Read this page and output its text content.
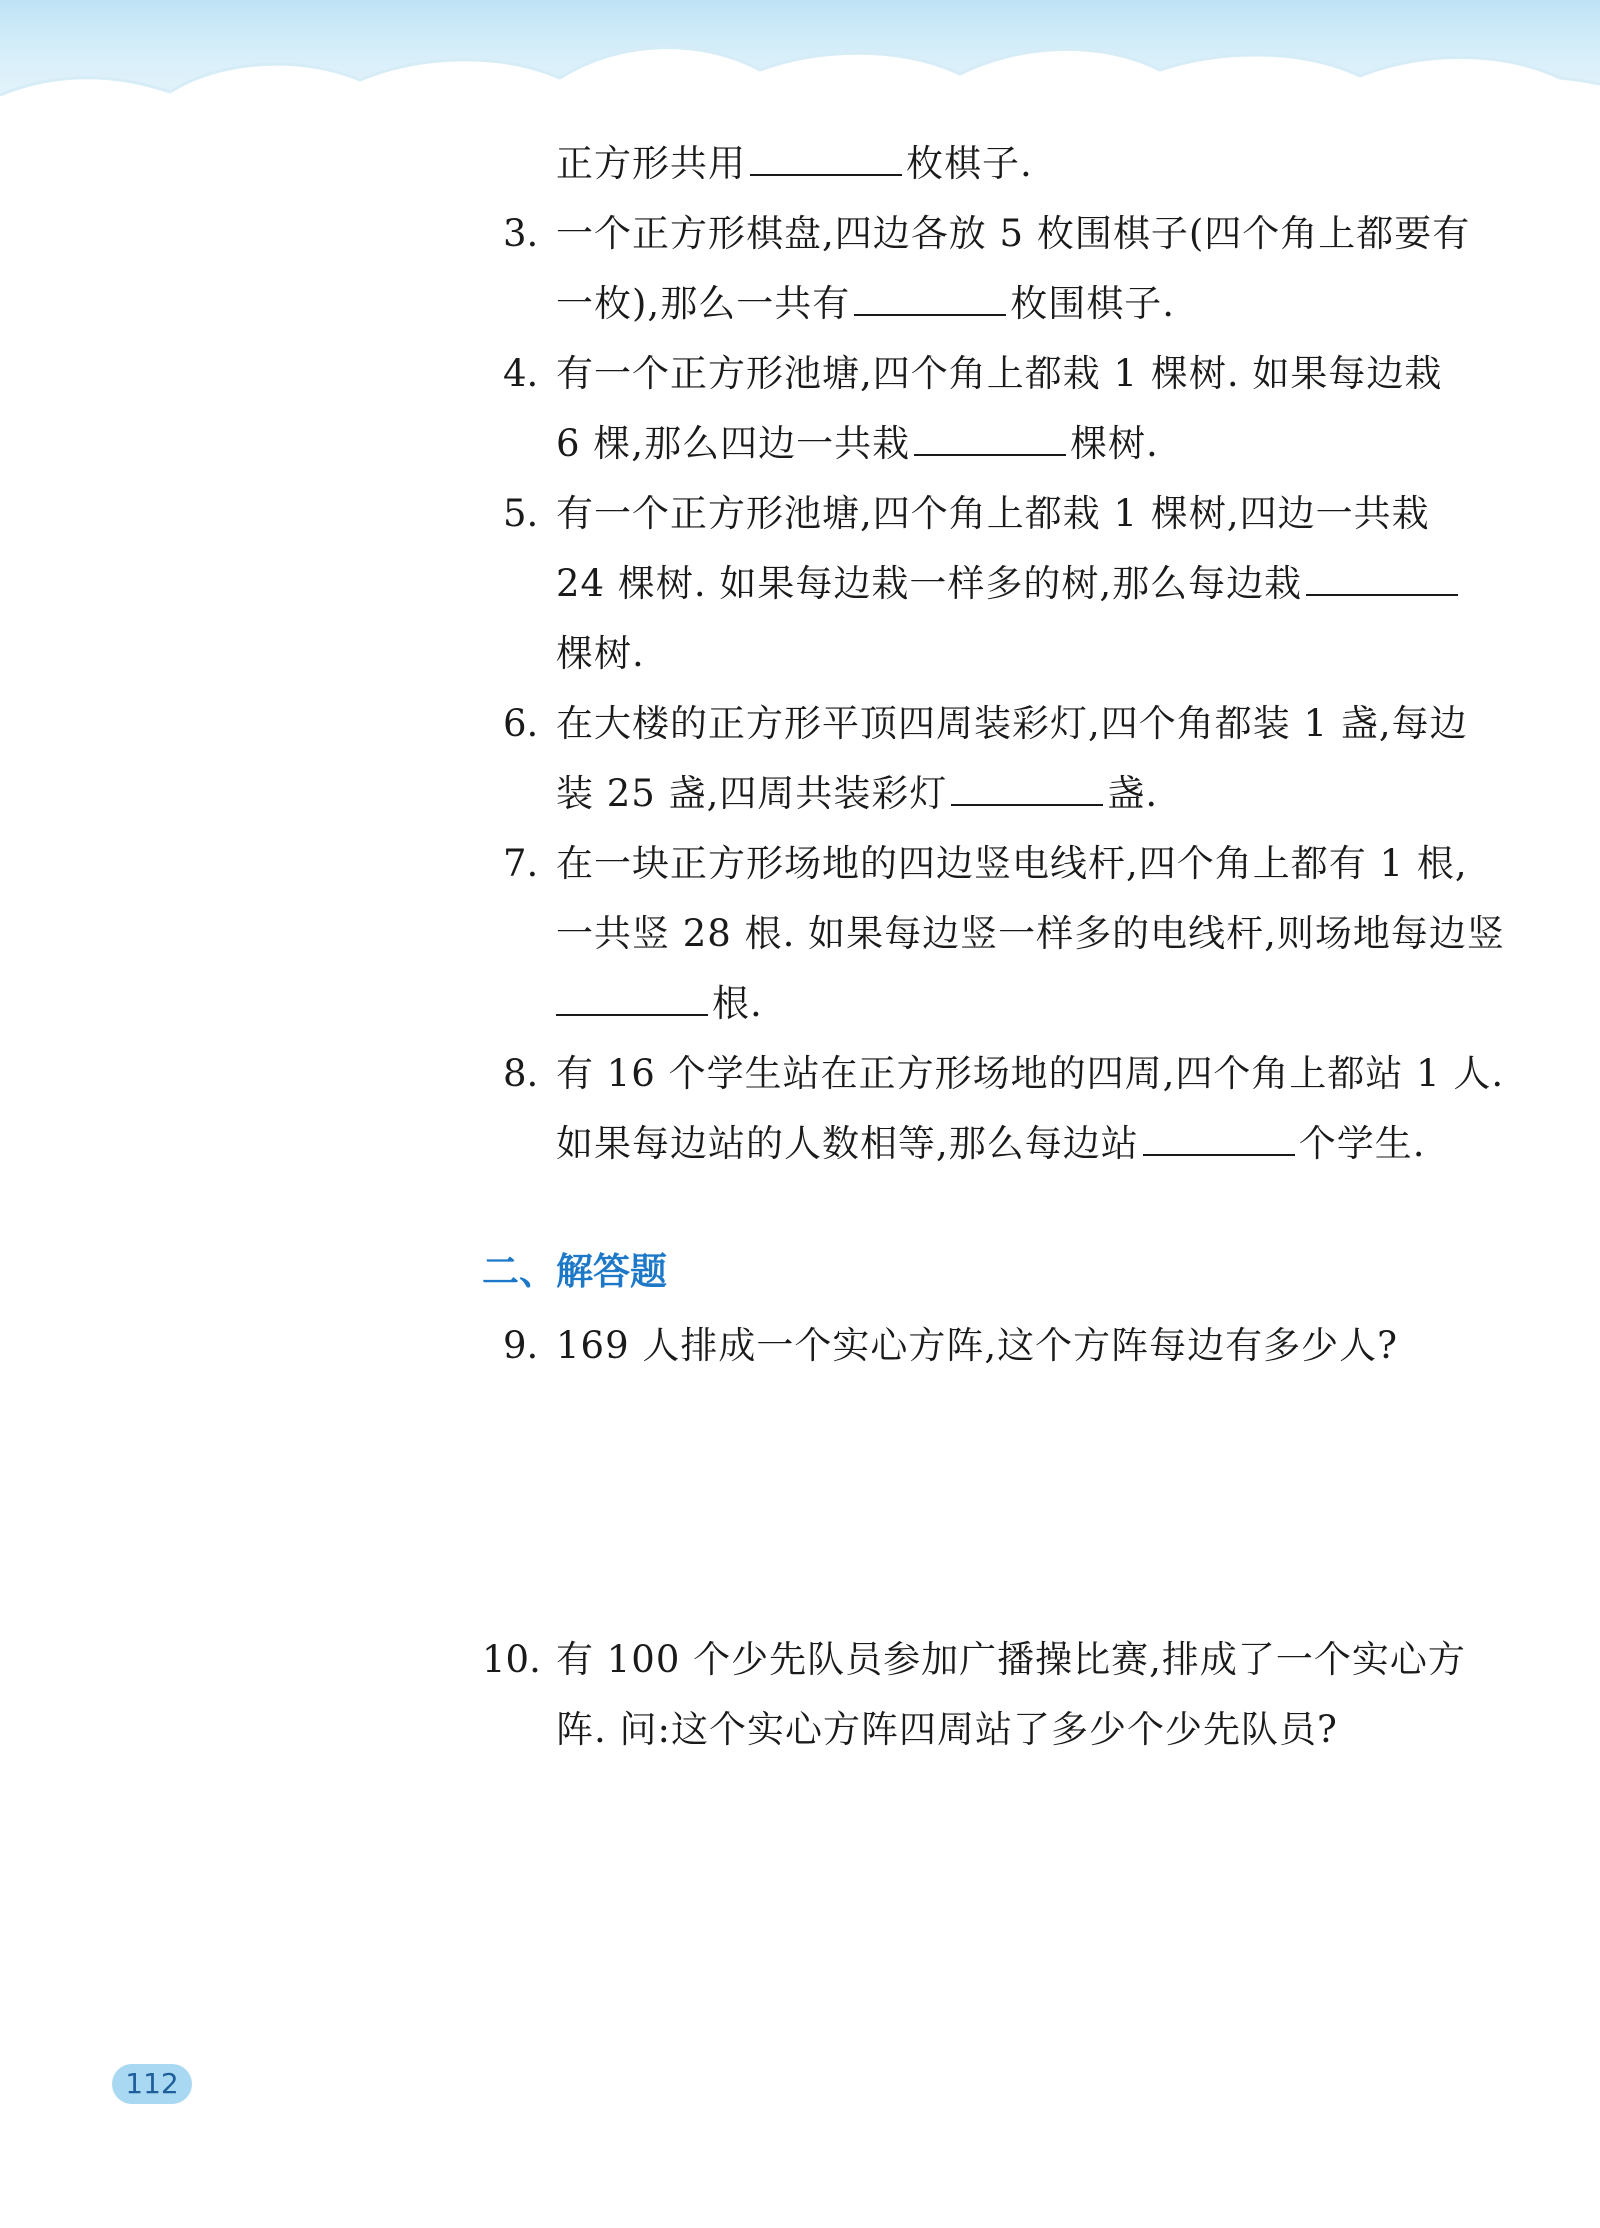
正方形共用	枚棋子.
3. 一个正方形棋盘,四边各放 5 枚围棋子(四个角上都要有
一枚),那么一共有	枚围棋子.
4. 有一个正方形池塘,四个角上都栽 1 棵树. 如果每边栽
6 棵,那么四边一共栽	棵树.
5. 有一个正方形池塘,四个角上都栽 1 棵树,四边一共栽
24 棵树. 如果每边栽一样多的树,那么每边栽
棵树.
6. 在大楼的正方形平顶四周装彩灯,四个角都装 1 盏,每边
装 25 盏,四周共装彩灯	盏.
7. 在一块正方形场地的四边竖电线杆,四个角上都有 1 根,
一共竖 28 根. 如果每边竖一样多的电线杆,则场地每边竖
根.
8. 有 16 个学生站在正方形场地的四周,四个角上都站 1 人.
如果每边站的人数相等,那么每边站	个学生.
二、解答题
9. 169 人排成一个实心方阵,这个方阵每边有多少人?
10. 有 100 个少先队员参加广播操比赛,排成了一个实心方
阵. 问:这个实心方阵四周站了多少个少先队员?
112
